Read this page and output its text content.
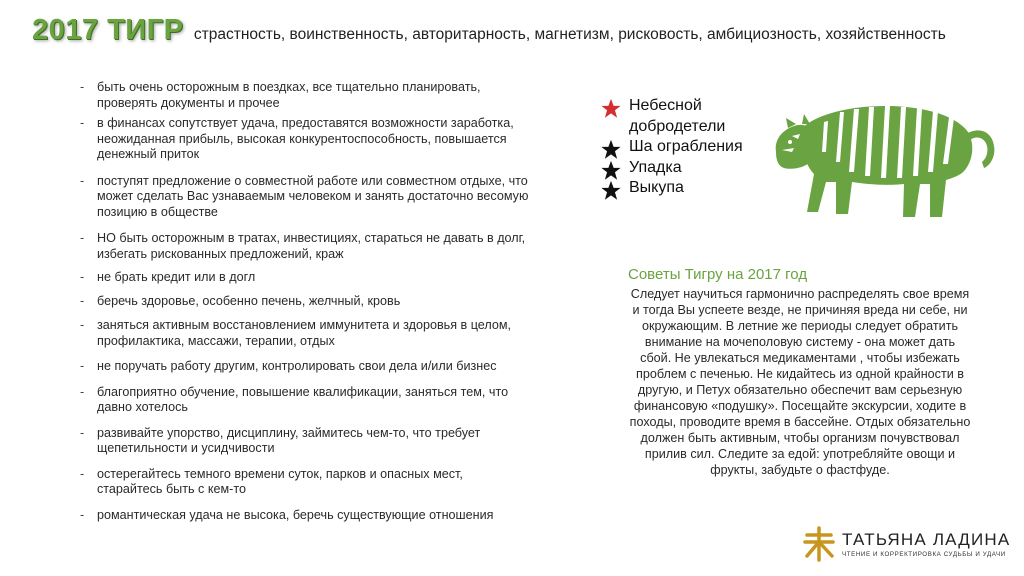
2017 ТИГР страстность, воинственность, авторитарность, магнетизм, рисковость, амбициозность, хозяйственность
- быть очень осторожным в поездках, все тщательно планировать, проверять документы и прочее
- в финансах сопутствует удача, предоставятся возможности заработка, неожиданная прибыль, высокая конкурентоспособность, повышается денежный приток
- поступят предложение о совместной работе или совместном отдыхе, что может сделать Вас узнаваемым человеком и занять достаточно весомую позицию в обществе
- НО быть осторожным в тратах, инвестициях, стараться не давать в долг, избегать рискованных предложений, краж
- не брать кредит или в догл
- беречь здоровье, особенно печень, желчный, кровь
- заняться активным восстановлением иммунитета и здоровья в целом, профилактика, массажи, терапии, отдых
- не поручать работу другим, контролировать свои дела и/или бизнес
- благоприятно обучение, повышение квалификации, заняться тем, что давно хотелось
- развивайте упорство, дисциплину, займитесь чем-то, что требует щепетильности и усидчивости
- остерегайтесь темного времени суток, парков и опасных мест, старайтесь быть с кем-то
- романтическая удача не высока, беречь существующие отношения
Небесной добродетели
Ша ограбления
Упадка
Выкупа
Советы Тигру на 2017 год
Следует научиться гармонично распределять свое время и тогда Вы успеете везде, не причиняя вреда ни себе, ни окружающим. В летние же периоды следует обратить внимание на мочеполовую систему - она может дать сбой. Не увлекаться медикаментами , чтобы избежать проблем с печенью. Не кидайтесь из одной крайности в другую, и Петух обязательно обеспечит вам серьезную финансовую «подушку». Посещайте экскурсии, ходите в походы, проводите время в бассейне. Отдых обязательно должен быть активным, чтобы организм почувствовал прилив сил. Следите за едой: употребляйте овощи и фрукты, забудьте о фастфуде.
ТАТЬЯНА ЛАДИНА
ЧТЕНИЕ И КОРРЕКТИРОВКА СУДЬБЫ И УДАЧИ
